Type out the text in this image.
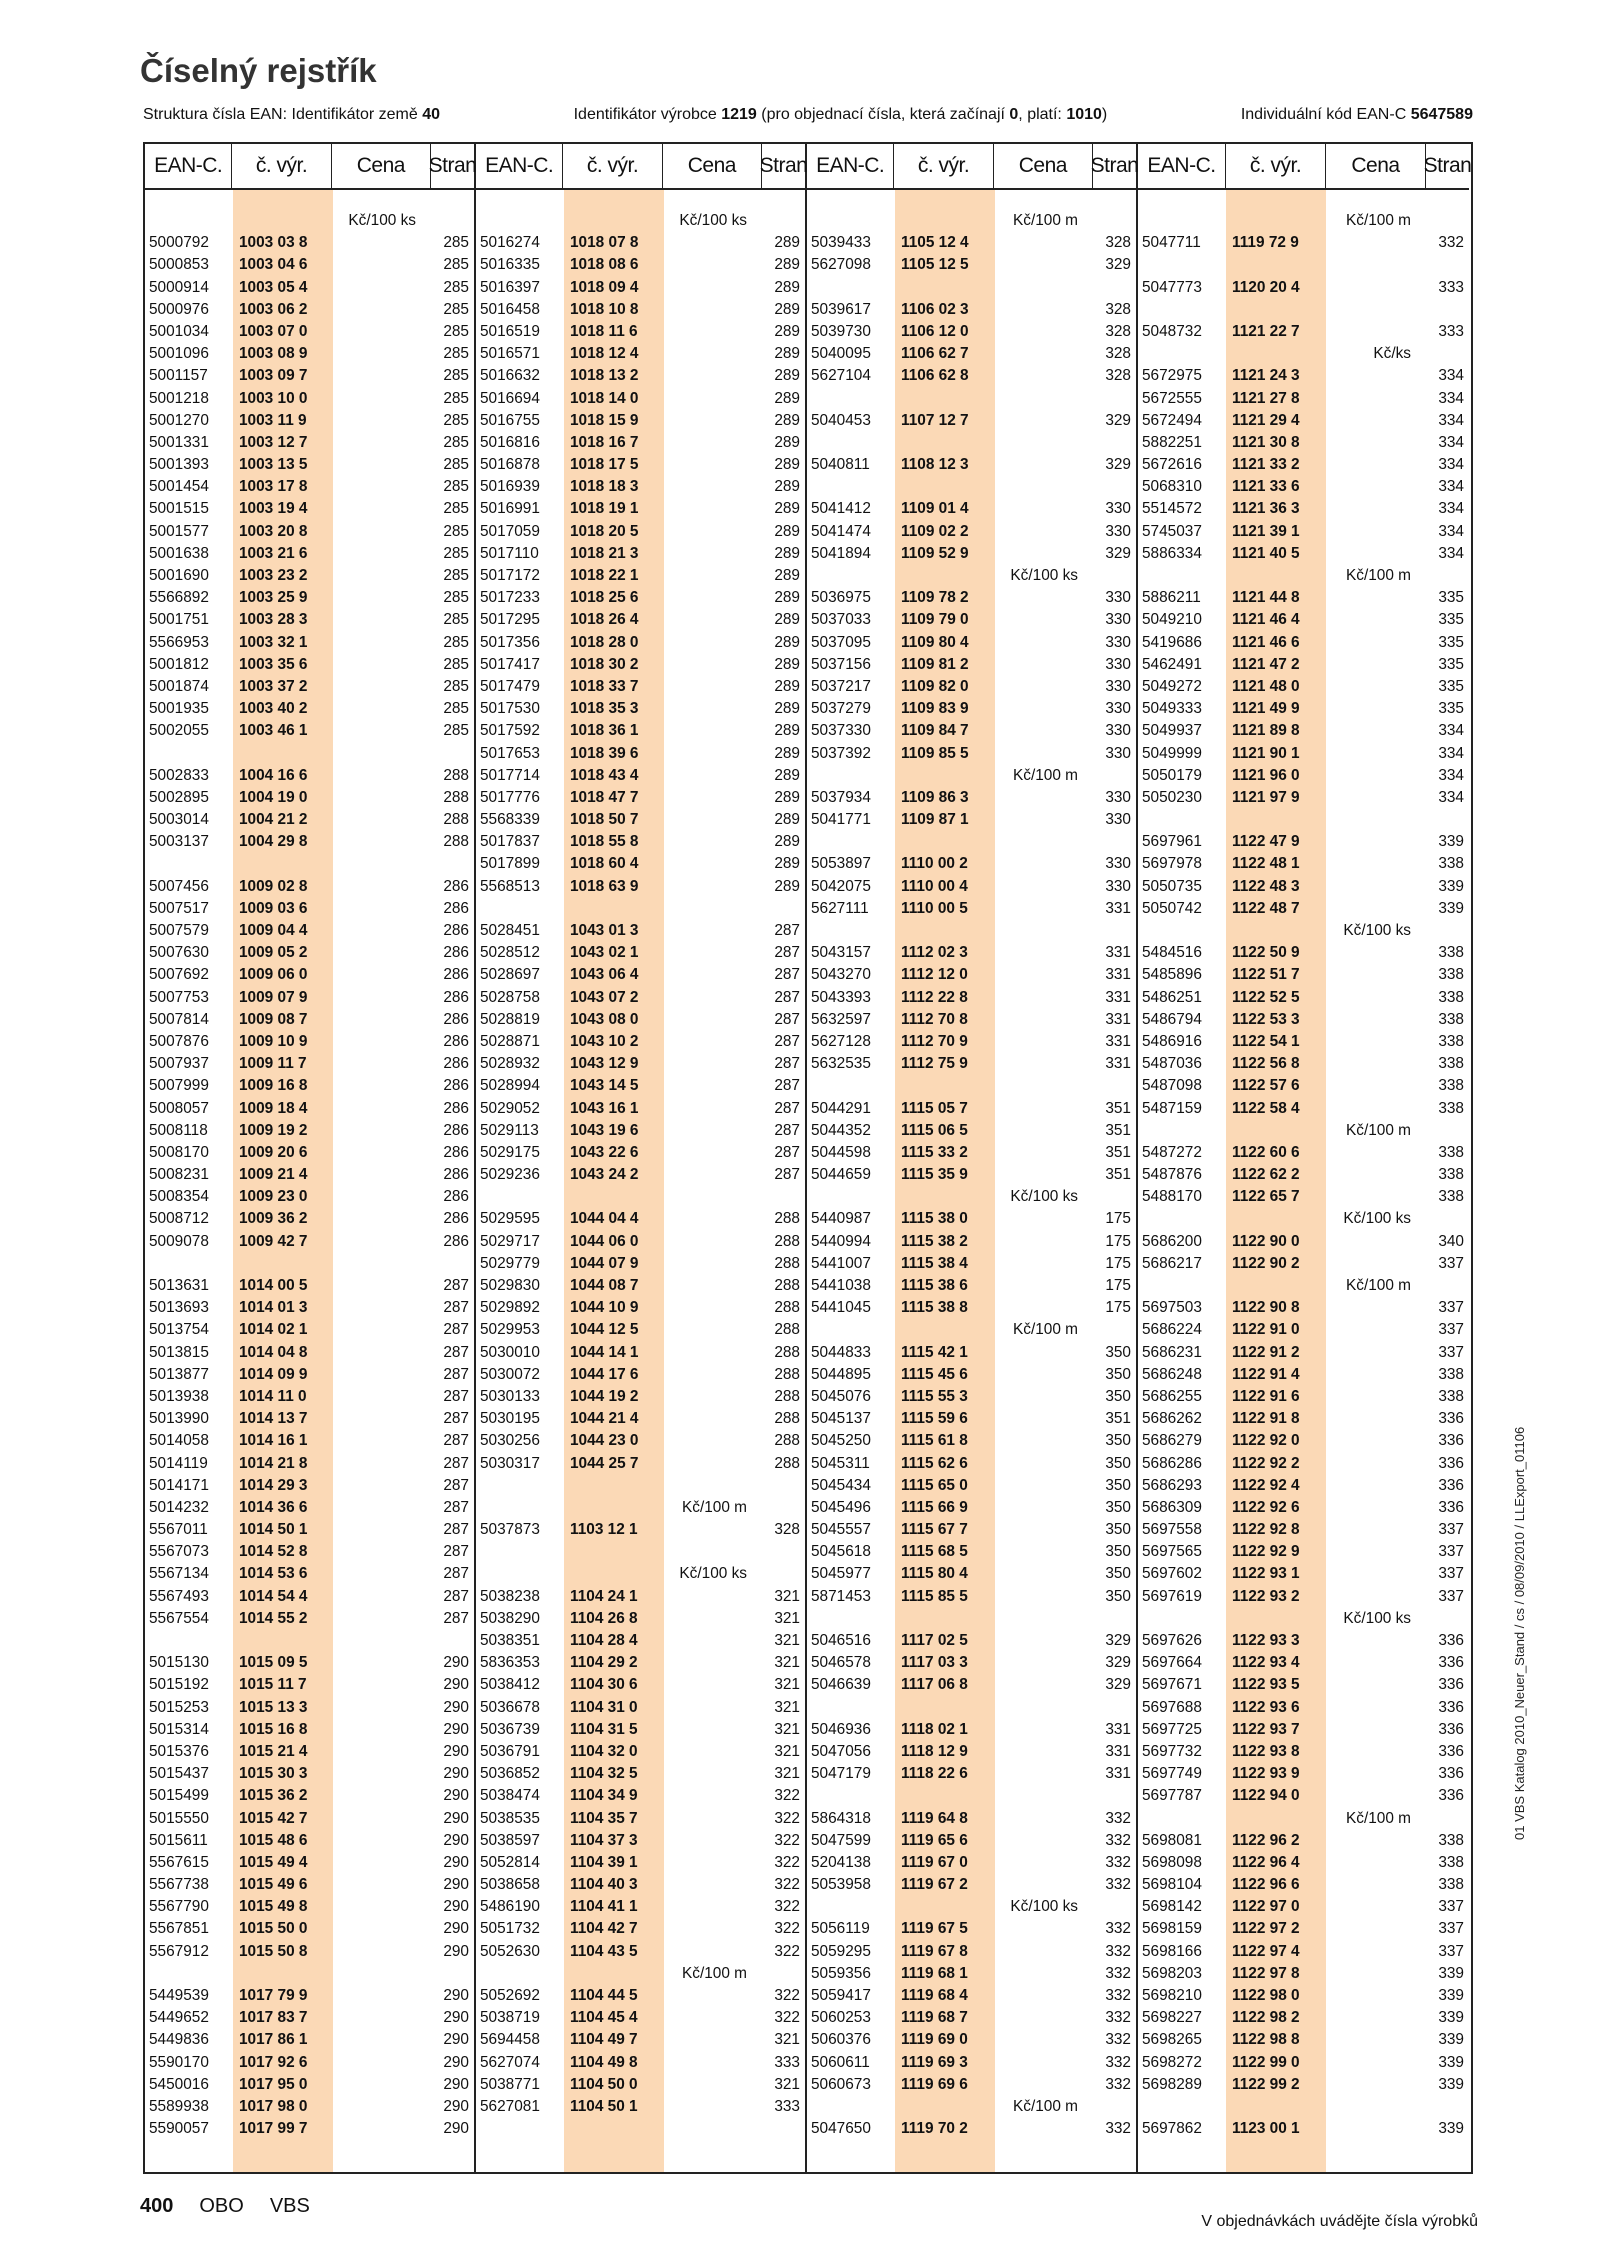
Číselný rejstřík
Struktura čísla EAN: Identifikátor země 40	Identifikátor výrobce 1219 (pro objednací čísla, která začínají 0, platí: 1010)	Individuální kód EAN-C 5647589
EAN-C.	č. výr.	Cena	Stran
Kč/100 ks
5000792 1003 03 8	285
5000853 1003 04 6	285
5000914 1003 05 4	285
5000976 1003 06 2	285
5001034 1003 07 0	285
5001096 1003 08 9	285
5001157 1003 09 7	285
5001218 1003 10 0	285
5001270 1003 11 9	285
5001331 1003 12 7	285
5001393 1003 13 5	285
5001454 1003 17 8	285
5001515 1003 19 4	285
5001577 1003 20 8	285
5001638 1003 21 6	285
5001690 1003 23 2	285
5566892 1003 25 9	285
5001751 1003 28 3	285
5566953 1003 32 1	285
5001812 1003 35 6	285
5001874 1003 37 2	285
5001935 1003 40 2	285
5002055 1003 46 1	285
5002833 1004 16 6	288
5002895 1004 19 0	288
5003014 1004 21 2	288
5003137 1004 29 8	288
5007456 1009 02 8	286
5007517 1009 03 6	286
5007579 1009 04 4	286
5007630 1009 05 2	286
5007692 1009 06 0	286
5007753 1009 07 9	286
5007814 1009 08 7	286
5007876 1009 10 9	286
5007937 1009 11 7	286
5007999 1009 16 8	286
5008057 1009 18 4	286
5008118 1009 19 2	286
5008170 1009 20 6	286
5008231 1009 21 4	286
5008354 1009 23 0	286
5008712 1009 36 2	286
5009078 1009 42 7	286
5013631 1014 00 5	287
5013693 1014 01 3	287
5013754 1014 02 1	287
5013815 1014 04 8	287
5013877 1014 09 9	287
5013938 1014 11 0	287
5013990 1014 13 7	287
5014058 1014 16 1	287
5014119 1014 21 8	287
5014171 1014 29 3	287
5014232 1014 36 6	287
5567011 1014 50 1	287
5567073 1014 52 8	287
5567134 1014 53 6	287
5567493 1014 54 4	287
5567554 1014 55 2	287
5015130 1015 09 5	290
5015192 1015 11 7	290
5015253 1015 13 3	290
5015314 1015 16 8	290
5015376 1015 21 4	290
5015437 1015 30 3	290
5015499 1015 36 2	290
5015550 1015 42 7	290
5015611 1015 48 6	290
5567615 1015 49 4	290
5567738 1015 49 6	290
5567790 1015 49 8	290
5567851 1015 50 0	290
5567912 1015 50 8	290
5449539 1017 79 9	290
5449652 1017 83 7	290
5449836 1017 86 1	290
5590170 1017 92 6	290
5450016 1017 95 0	290
5589938 1017 98 0	290
5590057 1017 99 7	290
EAN-C.	č. výr.	Cena	Stran
Kč/100 ks
5016274 1018 07 8	289
5016335 1018 08 6	289
5016397 1018 09 4	289
5016458 1018 10 8	289
5016519 1018 11 6	289
5016571 1018 12 4	289
5016632 1018 13 2	289
5016694 1018 14 0	289
5016755 1018 15 9	289
5016816 1018 16 7	289
5016878 1018 17 5	289
5016939 1018 18 3	289
5016991 1018 19 1	289
5017059 1018 20 5	289
5017110 1018 21 3	289
5017172 1018 22 1	289
5017233 1018 25 6	289
5017295 1018 26 4	289
5017356 1018 28 0	289
5017417 1018 30 2	289
5017479 1018 33 7	289
5017530 1018 35 3	289
5017592 1018 36 1	289
5017653 1018 39 6	289
5017714 1018 43 4	289
5017776 1018 47 7	289
5568339 1018 50 7	289
5017837 1018 55 8	289
5017899 1018 60 4	289
5568513 1018 63 9	289
5028451 1043 01 3	287
5028512 1043 02 1	287
5028697 1043 06 4	287
5028758 1043 07 2	287
5028819 1043 08 0	287
5028871 1043 10 2	287
5028932 1043 12 9	287
5028994 1043 14 5	287
5029052 1043 16 1	287
5029113 1043 19 6	287
5029175 1043 22 6	287
5029236 1043 24 2	287
5029595 1044 04 4	288
5029717 1044 06 0	288
5029779 1044 07 9	288
5029830 1044 08 7	288
5029892 1044 10 9	288
5029953 1044 12 5	288
5030010 1044 14 1	288
5030072 1044 17 6	288
5030133 1044 19 2	288
5030195 1044 21 4	288
5030256 1044 23 0	288
5030317 1044 25 7	288
Kč/100 m
5037873 1103 12 1	328
Kč/100 ks
5038238 1104 24 1	321
5038290 1104 26 8	321
5038351 1104 28 4	321
5836353 1104 29 2	321
5038412 1104 30 6	321
5036678 1104 31 0	321
5036739 1104 31 5	321
5036791 1104 32 0	321
5036852 1104 32 5	321
5038474 1104 34 9	322
5038535 1104 35 7	322
5038597 1104 37 3	322
5052814 1104 39 1	322
5038658 1104 40 3	322
5486190 1104 41 1	322
5051732 1104 42 7	322
5052630 1104 43 5	322
Kč/100 m
5052692 1104 44 5	322
5038719 1104 45 4	322
5694458 1104 49 7	321
5627074 1104 49 8	333
5038771 1104 50 0	321
5627081 1104 50 1	333
EAN-C.	č. výr.	Cena	Stran
Kč/100 m
5039433 1105 12 4	328
5627098 1105 12 5	329
5039617 1106 02 3	328
5039730 1106 12 0	328
5040095 1106 62 7	328
5627104 1106 62 8	328
5040453 1107 12 7	329
5040811 1108 12 3	329
5041412 1109 01 4	330
5041474 1109 02 2	330
5041894 1109 52 9	329
Kč/100 ks
5036975 1109 78 2	330
5037033 1109 79 0	330
5037095 1109 80 4	330
5037156 1109 81 2	330
5037217 1109 82 0	330
5037279 1109 83 9	330
5037330 1109 84 7	330
5037392 1109 85 5	330
Kč/100 m
5037934 1109 86 3	330
5041771 1109 87 1	330
5053897 1110 00 2	330
5042075 1110 00 4	330
5627111 1110 00 5	331
5043157 1112 02 3	331
5043270 1112 12 0	331
5043393 1112 22 8	331
5632597 1112 70 8	331
5627128 1112 70 9	331
5632535 1112 75 9	331
5044291 1115 05 7	351
5044352 1115 06 5	351
5044598 1115 33 2	351
5044659 1115 35 9	351
Kč/100 ks
5440987 1115 38 0	175
5440994 1115 38 2	175
5441007 1115 38 4	175
5441038 1115 38 6	175
5441045 1115 38 8	175
Kč/100 m
5044833 1115 42 1	350
5044895 1115 45 6	350
5045076 1115 55 3	350
5045137 1115 59 6	351
5045250 1115 61 8	350
5045311 1115 62 6	350
5045434 1115 65 0	350
5045496 1115 66 9	350
5045557 1115 67 7	350
5045618 1115 68 5	350
5045977 1115 80 4	350
5871453 1115 85 5	350
5046516 1117 02 5	329
5046578 1117 03 3	329
5046639 1117 06 8	329
5046936 1118 02 1	331
5047056 1118 12 9	331
5047179 1118 22 6	331
5864318 1119 64 8	332
5047599 1119 65 6	332
5204138 1119 67 0	332
5053958 1119 67 2	332
Kč/100 ks
5056119 1119 67 5	332
5059295 1119 67 8	332
5059356 1119 68 1	332
5059417 1119 68 4	332
5060253 1119 68 7	332
5060376 1119 69 0	332
5060611 1119 69 3	332
5060673 1119 69 6	332
Kč/100 m
5047650 1119 70 2	332
EAN-C.	č. výr.	Cena	Stran
Kč/100 m
5047711 1119 72 9	332
5047773 1120 20 4	333
5048732 1121 22 7	333
Kč/ks
5672975 1121 24 3	334
5672555 1121 27 8	334
5672494 1121 29 4	334
5882251 1121 30 8	334
5672616 1121 33 2	334
5068310 1121 33 6	334
5514572 1121 36 3	334
5745037 1121 39 1	334
5886334 1121 40 5	334
Kč/100 m
5886211 1121 44 8	335
5049210 1121 46 4	335
5419686 1121 46 6	335
5462491 1121 47 2	335
5049272 1121 48 0	335
5049333 1121 49 9	335
5049937 1121 89 8	334
5049999 1121 90 1	334
5050179 1121 96 0	334
5050230 1121 97 9	334
5697961 1122 47 9	339
5697978 1122 48 1	338
5050735 1122 48 3	339
5050742 1122 48 7	339
Kč/100 ks
5484516 1122 50 9	338
5485896 1122 51 7	338
5486251 1122 52 5	338
5486794 1122 53 3	338
5486916 1122 54 1	338
5487036 1122 56 8	338
5487098 1122 57 6	338
5487159 1122 58 4	338
Kč/100 m
5487272 1122 60 6	338
5487876 1122 62 2	338
5488170 1122 65 7	338
Kč/100 ks
5686200 1122 90 0	340
5686217 1122 90 2	337
Kč/100 m
5697503 1122 90 8	337
5686224 1122 91 0	337
5686231 1122 91 2	337
5686248 1122 91 4	338
5686255 1122 91 6	338
5686262 1122 91 8	336
5686279 1122 92 0	336
5686286 1122 92 2	336
5686293 1122 92 4	336
5686309 1122 92 6	336
5697558 1122 92 8	337
5697565 1122 92 9	337
5697602 1122 93 1	337
5697619 1122 93 2	337
Kč/100 ks
5697626 1122 93 3	336
5697664 1122 93 4	336
5697671 1122 93 5	336
5697688 1122 93 6	336
5697725 1122 93 7	336
5697732 1122 93 8	336
5697749 1122 93 9	336
5697787 1122 94 0	336
Kč/100 m
5698081 1122 96 2	338
5698098 1122 96 4	338
5698104 1122 96 6	338
5698142 1122 97 0	337
5698159 1122 97 2	337
5698166 1122 97 4	337
5698203 1122 97 8	339
5698210 1122 98 0	339
5698227 1122 98 2	339
5698265 1122 98 8	339
5698272 1122 99 0	339
5698289 1122 99 2	339
5697862 1123 00 1	339
01 VBS Katalog 2010_Neuer_Stand / cs / 08/09/2010 / LLExport_01106
400 OBO VBS
V objednávkách uvádějte čísla výrobků
